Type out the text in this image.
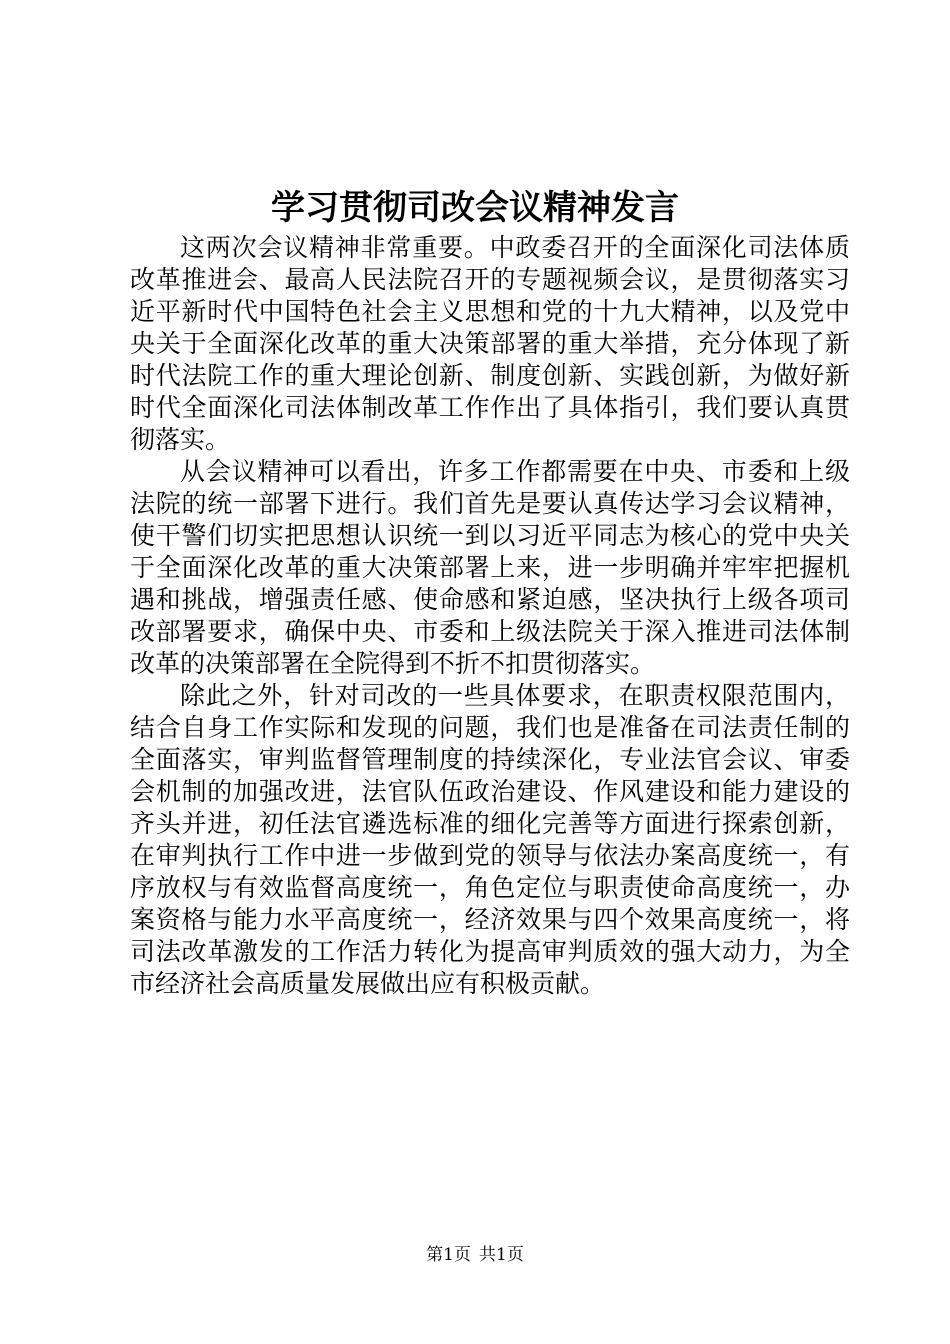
学习贯彻司改会议精神发言

这两次会议精神非常重要。中政委召开的全面深化司法体质改革推进会、最高人民法院召开的专题视频会议，是贯彻落实习近平新时代中国特色社会主义思想和党的十九大精神，以及党中央关于全面深化改革的重大决策部署的重大举措，充分体现了新时代法院工作的重大理论创新、制度创新、实践创新，为做好新时代全面深化司法体制改革工作作出了具体指引，我们要认真贯彻落实。

从会议精神可以看出，许多工作都需要在中央、市委和上级法院的统一部署下进行。我们首先是要认真传达学习会议精神，使干警们切实把思想认识统一到以习近平同志为核心的党中央关于全面深化改革的重大决策部署上来，进一步明确并牢牢把握机遇和挑战，增强责任感、使命感和紧迫感，坚决执行上级各项司改部署要求，确保中央、市委和上级法院关于深入推进司法体制改革的决策部署在全院得到不折不扣贯彻落实。

除此之外，针对司改的一些具体要求，在职责权限范围内，结合自身工作实际和发现的问题，我们也是准备在司法责任制的全面落实，审判监督管理制度的持续深化，专业法官会议、审委会机制的加强改进，法官队伍政治建设、作风建设和能力建设的齐头并进，初任法官遴选标准的细化完善等方面进行探索创新，在审判执行工作中进一步做到党的领导与依法办案高度统一，有序放权与有效监督高度统一，角色定位与职责使命高度统一，办案资格与能力水平高度统一，经济效果与四个效果高度统一，将司法改革激发的工作活力转化为提高审判质效的强大动力，为全市经济社会高质量发展做出应有积极贡献。

第1页 共1页
